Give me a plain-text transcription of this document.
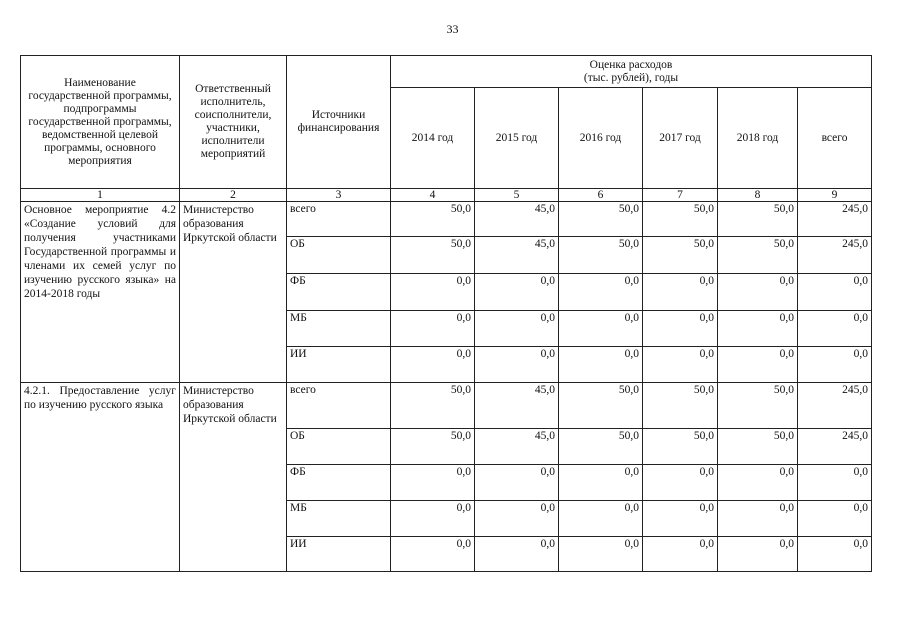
33
Наименование государственной программы, подпрограммы государственной программы, ведомственной целевой программы, основного мероприятия	Ответственный исполнитель, соисполнители, участники, исполнители мероприятий	Источники финансирования	Оценка расходов
(тыс. рублей), годы					

			2014 год	2015 год	2016 год	2017 год	2018 год	всего
1	2	3	4	5	6	7	8	9
Основное мероприятие 4.2 «Создание условий для получения участниками Государственной программы и членами их семей услуг по изучению русского языка» на 2014-2018 годы	Министерство образования Иркутской области	всего	50,0	45,0	50,0	50,0	50,0	245,0
		ОБ	50,0	45,0	50,0	50,0	50,0	245,0
		ФБ	0,0	0,0	0,0	0,0	0,0	0,0
		МБ	0,0	0,0	0,0	0,0	0,0	0,0
		ИИ	0,0	0,0	0,0	0,0	0,0	0,0
4.2.1. Предоставление услуг по изучению русского языка	Министерство образования Иркутской области	всего	50,0	45,0	50,0	50,0	50,0	245,0
		ОБ	50,0	45,0	50,0	50,0	50,0	245,0
		ФБ	0,0	0,0	0,0	0,0	0,0	0,0
		МБ	0,0	0,0	0,0	0,0	0,0	0,0
		ИИ	0,0	0,0	0,0	0,0	0,0	0,0
